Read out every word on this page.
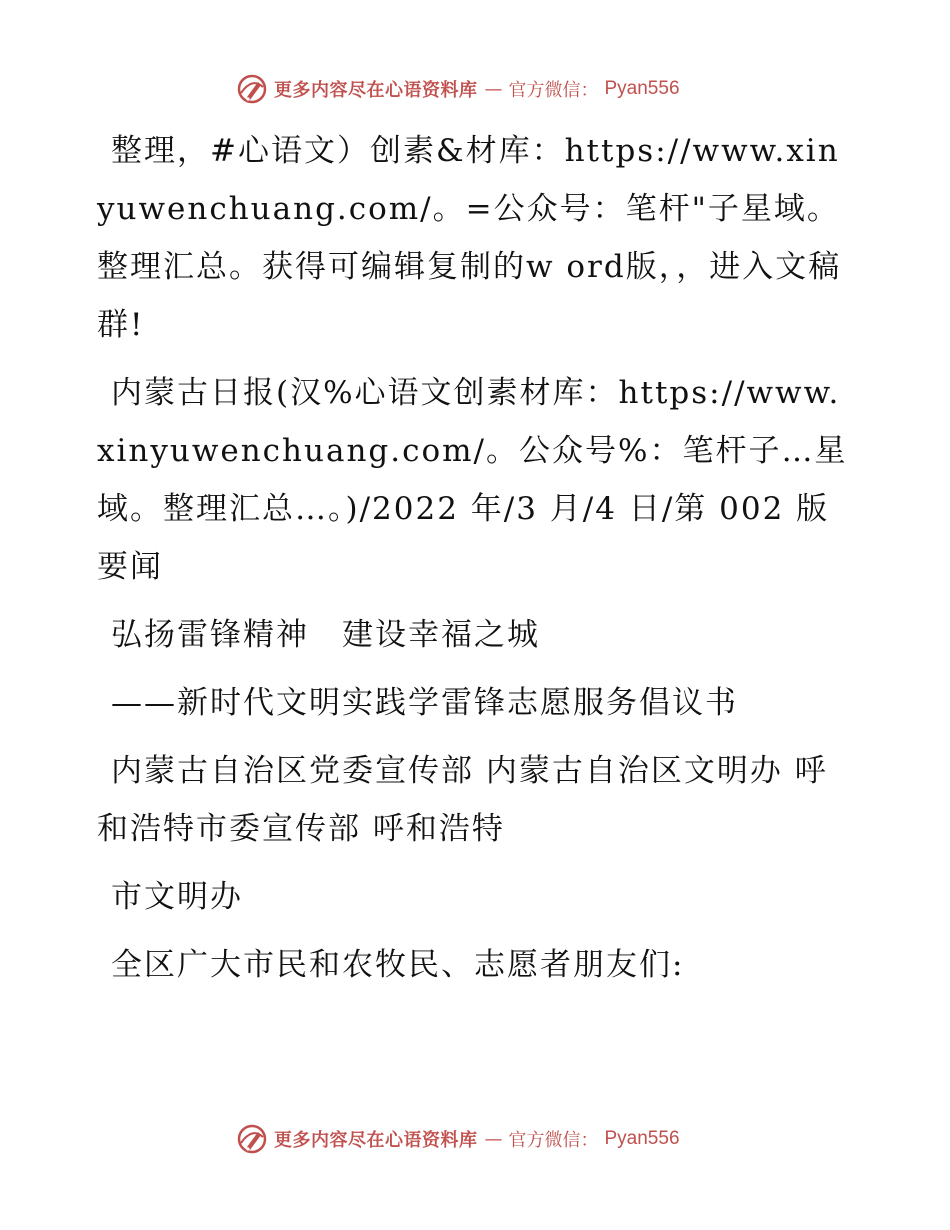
更多内容尽在心语资料库 — 官方微信： Pyan556

整理，#心语文）创素&材库：https://www.xinyuwenchuang.com/。=公众号：笔杆"子星域。整理汇总。获得可编辑复制的w ord版，，进入文稿群!

内蒙古日报(汉%心语文创素材库：https://www.xinyuwenchuang.com/。公众号%：笔杆子…星域。整理汇总…。)/2022 年/3 月/4 日/第 002 版要闻

弘扬雷锋精神　建设幸福之城

——新时代文明实践学雷锋志愿服务倡议书

内蒙古自治区党委宣传部 内蒙古自治区文明办 呼和浩特市委宣传部 呼和浩特

市文明办

全区广大市民和农牧民、志愿者朋友们:

更多内容尽在心语资料库 — 官方微信： Pyan556
